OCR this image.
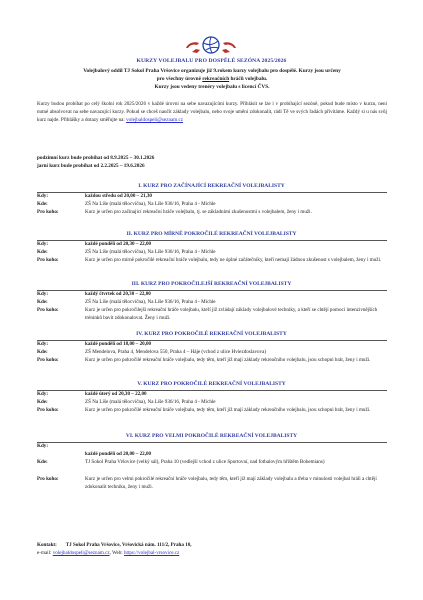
KURZY VOLEJBALU PRO DOSPĚLÉ SEZÓNA 2025/2026
Volejbalový oddíl TJ Sokol Praha Vršovice organizuje již 9.rokem kurzy volejbalu pro dospělé. Kurzy jsou určeny
pro všechny úrovně rekreačních hráčů volejbalu.
Kurzy jsou vedeny trenéry volejbalu s licencí ČVS.
Kurzy budou probíhat po celý školní rok 2025/2026 v každé úrovni na sebe navazujícími kurzy. Přihlásit se lze i v probíhající sezóně, pokud bude místo v kurzu, není nutné absolvovat na sebe navazující kurzy. Pokud se chceš naučit základy volejbalu, nebo svoje umění zdokonalit, rádi Tě ve svých řadách přivítáme. Každý si u nás svůj kurz najde. Přihlášky a dotazy směřujte na: volejbaldospeli@seznam.cz
podzimní kurz bude probíhat od 8.9.2025 – 30.1.2026
jarní kurz bude probíhat od 2.2.2025 – 19.6.2026
I. KURZ PRO ZAČÍNAJÍCÍ REKREAČNÍ VOLEJBALISTY
Kdy:	každou středu od 20,00 – 21,30
Kde:	ZŠ Na Líše (malá tělocvična), Na Líše 936/16, Praha 4 - Michle
Pro koho:	Kurz je určen pro začínající rekreační hráče volejbalu, tj. se základními zkušenostmi s volejbalem, ženy i muži.
II. KURZ PRO MÍRNĚ POKROČILÉ REKREAČNÍ VOLEJBALISTY
Kdy:	každé pondělí od 20,30 – 22,00
Kde:	ZŠ Na Líše (malá tělocvična), Na Líše 936/16, Praha 4 - Michle
Pro koho:	Kurz je určen pro mírně pokročilé rekreační hráče volejbalu, tedy ne úplné začátečníky, kteří nemají žádnou zkušenost s volejbalem, ženy i muži.
III. KURZ PRO POKROČILEJŠÍ REKREAČNÍ VOLEJBALISTY
Kdy:	každý čtvrtek od 20,30 – 22,00
Kde:	ZŠ Na Líše (malá tělocvična), Na Líše 936/16, Praha 4 - Michle
Pro koho:	Kurz je určen pro pokročilejší rekreační hráče volejbalu, kteří již zvládají základy volejbalové techniky, a kteří se chtějí pomocí intenzivnějších tréninků bavit zdokonalovat. Ženy i muži.
IV. KURZ PRO POKROČILÉ REKREAČNÍ VOLEJBALISTY
Kdy:	každé pondělí od 18,00 – 20,00
Kde:	ZŠ Mendelova, Praha 4, Mendelova 550, Praha 4 – Háje (vchod z ulice Hviezdoslavova)
Pro koho:	Kurz je určen pro pokročilé rekreační hráče volejbalu, tedy těm, kteří již mají základy rekreačního volejbalu, jsou schopni hrát, ženy i muži.
V. KURZ PRO POKROČILÉ REKREAČNÍ VOLEJBALISTY
Kdy:	každé úterý od 20,30 – 22,00
Kde:	ZŠ Na Líše (malá tělocvična), Na Líše 936/16, Praha 4 - Michle
Pro koho:	Kurz je určen pro pokročilé rekreační hráče volejbalu, tedy těm, kteří již mají základy rekreačního volejbalu, jsou schopni hrát, ženy i muži.
VI. KURZ PRO VELMI POKROČILÉ REKREAČNÍ VOLEJBALISTY
Kdy:
každé pondělí od 20,00 – 22,00
Kde:	TJ Sokol Praha Vršovice (velký sál), Praha 10 (vedlejší vchod z ulice Sportovní, nad fotbalovým hřištěm Bohemians)
Pro koho:	Kurz je určen pro velmi pokročilé rekreační hráče volejbalu, tedy těm, kteří již mají základy volejbalu a třeba v minulosti volejbal hráli a chtějí zdokonalit techniku, ženy i muži.
Kontakt: TJ Sokol Praha Vršovice, Vršovická nám. 111/2, Praha 10,
e-mail: volejbaldospeli@seznam.cz, Web: https://volejbal-vrsovice.cz
